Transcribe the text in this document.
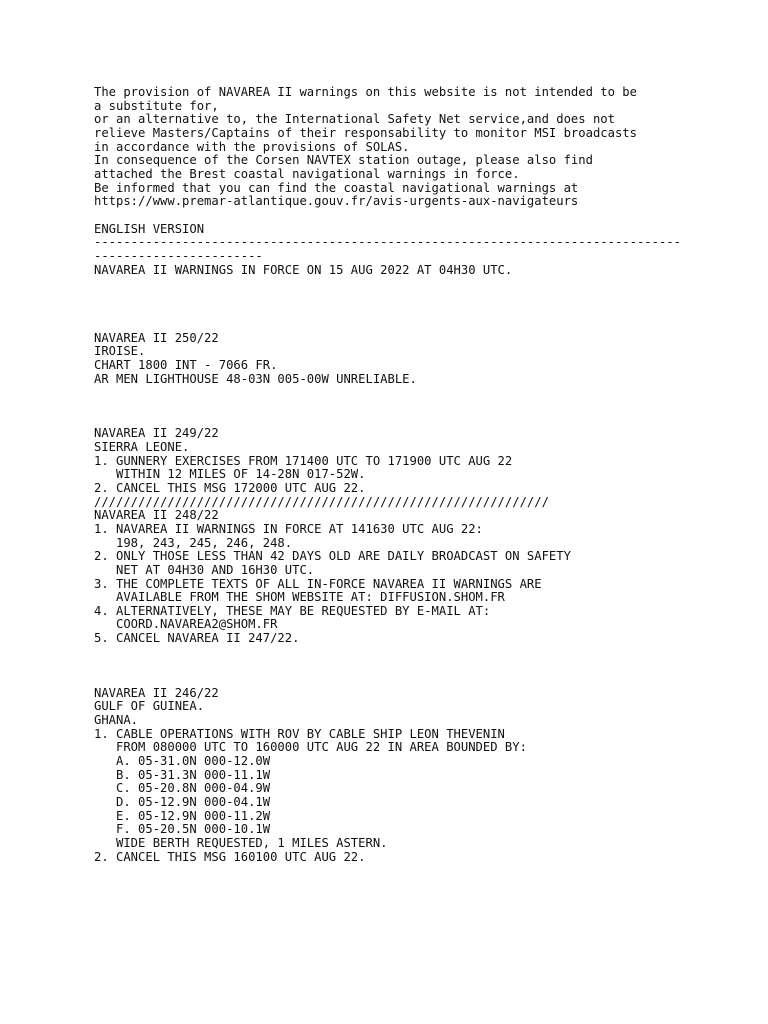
The provision of NAVAREA II warnings on this website is not intended to be
a substitute for,
or an alternative to, the International Safety Net service,and does not
relieve Masters/Captains of their responsability to monitor MSI broadcasts
in accordance with the provisions of SOLAS.
In consequence of the Corsen NAVTEX station outage, please also find
attached the Brest coastal navigational warnings in force.
Be informed that you can find the coastal navigational warnings at
https://www.premar-atlantique.gouv.fr/avis-urgents-aux-navigateurs
ENGLISH VERSION
--------------------------------------------------------------------------------
-----------------------
NAVAREA II WARNINGS IN FORCE ON 15 AUG 2022 AT 04H30 UTC.
NAVAREA II 250/22
IROISE.
CHART 1800 INT - 7066 FR.
AR MEN LIGHTHOUSE 48-03N 005-00W UNRELIABLE.
NAVAREA II 249/22
SIERRA LEONE.
1. GUNNERY EXERCISES FROM 171400 UTC TO 171900 UTC AUG 22
WITHIN 12 MILES OF 14-28N 017-52W.
2. CANCEL THIS MSG 172000 UTC AUG 22.
//////////////////////////////////////////////////////////////
NAVAREA II 248/22
1. NAVAREA II WARNINGS IN FORCE AT 141630 UTC AUG 22:
198, 243, 245, 246, 248.
2. ONLY THOSE LESS THAN 42 DAYS OLD ARE DAILY BROADCAST ON SAFETY
NET AT 04H30 AND 16H30 UTC.
3. THE COMPLETE TEXTS OF ALL IN-FORCE NAVAREA II WARNINGS ARE
AVAILABLE FROM THE SHOM WEBSITE AT: DIFFUSION.SHOM.FR
4. ALTERNATIVELY, THESE MAY BE REQUESTED BY E-MAIL AT:
COORD.NAVAREA2@SHOM.FR
5. CANCEL NAVAREA II 247/22.
NAVAREA II 246/22
GULF OF GUINEA.
GHANA.
1. CABLE OPERATIONS WITH ROV BY CABLE SHIP LEON THEVENIN
FROM 080000 UTC TO 160000 UTC AUG 22 IN AREA BOUNDED BY:
A. 05-31.0N 000-12.0W
B. 05-31.3N 000-11.1W
C. 05-20.8N 000-04.9W
D. 05-12.9N 000-04.1W
E. 05-12.9N 000-11.2W
F. 05-20.5N 000-10.1W
WIDE BERTH REQUESTED, 1 MILES ASTERN.
2. CANCEL THIS MSG 160100 UTC AUG 22.
